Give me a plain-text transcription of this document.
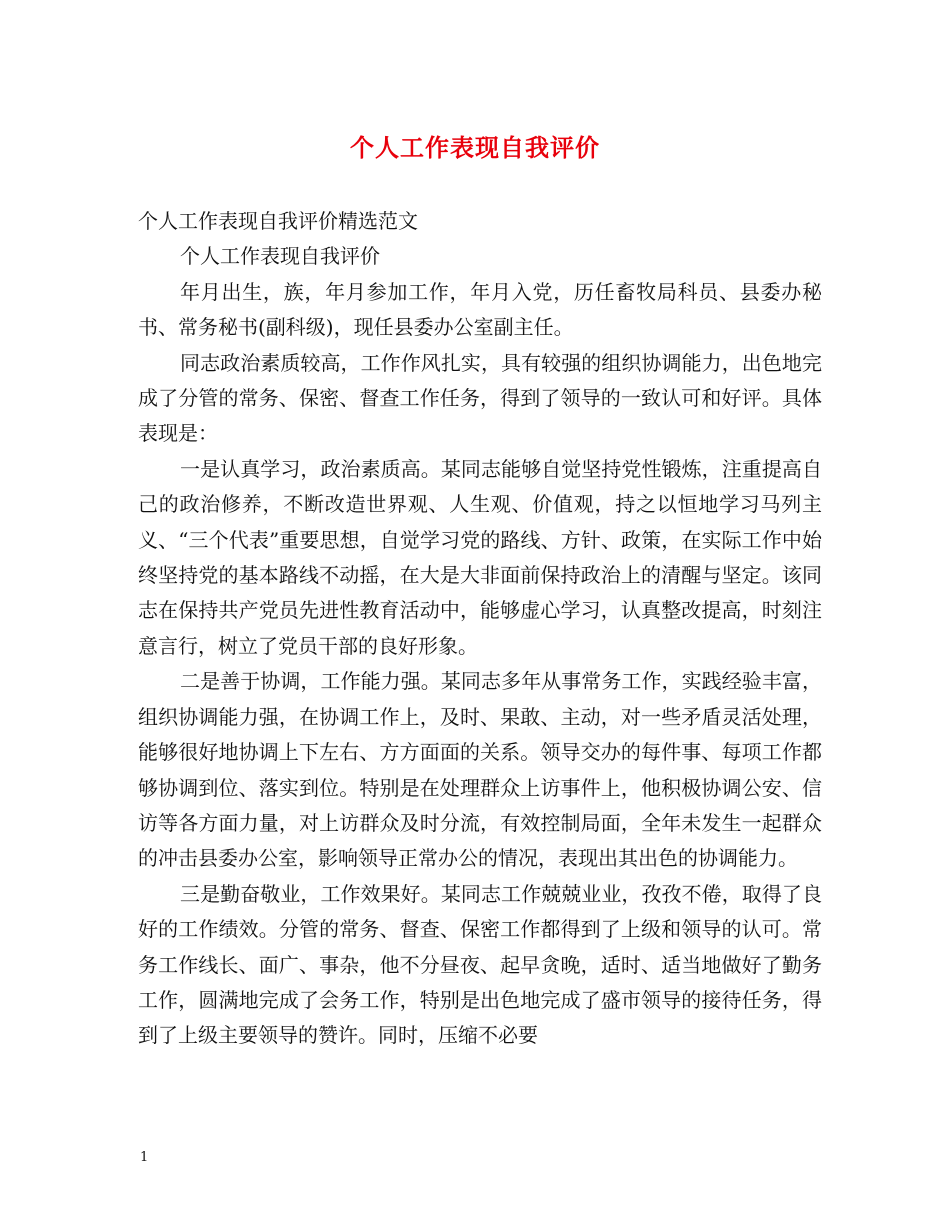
个人工作表现自我评价

个人工作表现自我评价精选范文

个人工作表现自我评价

年月出生，族，年月参加工作，年月入党，历任畜牧局科员、县委办秘书、常务秘书(副科级)，现任县委办公室副主任。

同志政治素质较高，工作作风扎实，具有较强的组织协调能力，出色地完成了分管的常务、保密、督查工作任务，得到了领导的一致认可和好评。具体表现是：

一是认真学习，政治素质高。某同志能够自觉坚持党性锻炼，注重提高自己的政治修养，不断改造世界观、人生观、价值观，持之以恒地学习马列主义、“三个代表”重要思想，自觉学习党的路线、方针、政策，在实际工作中始终坚持党的基本路线不动摇，在大是大非面前保持政治上的清醒与坚定。该同志在保持共产党员先进性教育活动中，能够虚心学习，认真整改提高，时刻注意言行，树立了党员干部的良好形象。

二是善于协调，工作能力强。某同志多年从事常务工作，实践经验丰富，组织协调能力强，在协调工作上，及时、果敢、主动，对一些矛盾灵活处理，能够很好地协调上下左右、方方面面的关系。领导交办的每件事、每项工作都够协调到位、落实到位。特别是在处理群众上访事件上，他积极协调公安、信访等各方面力量，对上访群众及时分流，有效控制局面，全年未发生一起群众的冲击县委办公室，影响领导正常办公的情况，表现出其出色的协调能力。

三是勤奋敬业，工作效果好。某同志工作兢兢业业，孜孜不倦，取得了良好的工作绩效。分管的常务、督查、保密工作都得到了上级和领导的认可。常务工作线长、面广、事杂，他不分昼夜、起早贪晚，适时、适当地做好了勤务工作，圆满地完成了会务工作，特别是出色地完成了盛市领导的接待任务，得到了上级主要领导的赞许。同时，压缩不必要

1
